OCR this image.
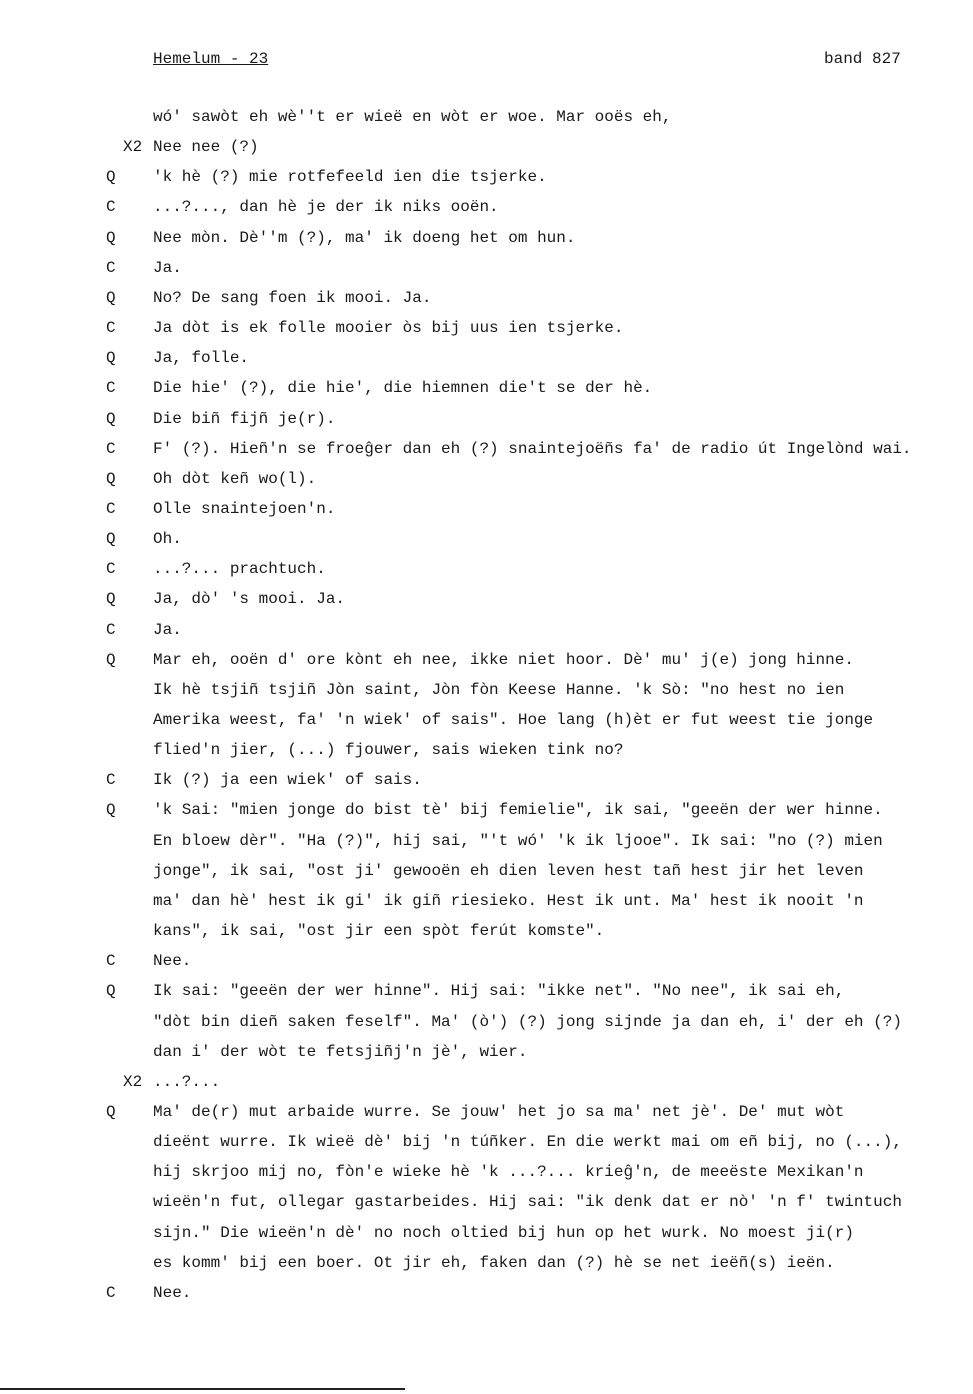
Hemelum - 23	band 827
wó' sawòt eh wè''t er wieë en wòt er woe. Mar ooës eh,
X2 Nee nee (?)
Q 'k hè (?) mie rotfefeeld ien die tsjerke.
C ...?..., dan hè je der ik niks ooën.
Q Nee mòn. Dè''m (?), ma' ik doeng het om hun.
C Ja.
Q No? De sang foen ik mooi. Ja.
C Ja dòt is ek folle mooier òs bij uus ien tsjerke.
Q Ja, folle.
C Die hie' (?), die hie', die hiemnen die't se der hè.
Q Die biñ fijñ je(r).
C F' (?). Hieñ'n se froeĝer dan eh (?) snaintejoëñs fa' de radio út Ingelònd wai.
Q Oh dòt keñ wo(l).
C Olle snaintejoen'n.
Q Oh.
C ...?... prachtuch.
Q Ja, dò' 's mooi. Ja.
C Ja.
Q Mar eh, ooën d' ore kònt eh nee, ikke niet hoor. Dè' mu' j(e) jong hinne.
Ik hè tsjiñ tsjiñ Jòn saint, Jòn fòn Keese Hanne. 'k Sò: "no hest no ien
Amerika weest, fa' 'n wiek' of sais". Hoe lang (h)èt er fut weest tie jonge
flied'n jier, (...) fjouwer, sais wieken tink no?
C Ik (?) ja een wiek' of sais.
Q 'k Sai: "mien jonge do bist tè' bij femielie", ik sai, "geeën der wer hinne.
En bloew dèr". "Ha (?)", hij sai, "'t wó' 'k ik ljooe". Ik sai: "no (?) mien
jonge", ik sai, "ost ji' gewooën eh dien leven hest tañ hest jir het leven
ma' dan hè' hest ik gi' ik giñ riesieko. Hest ik unt. Ma' hest ik nooit 'n
kans", ik sai, "ost jir een spòt ferút komste".
C Nee.
Q Ik sai: "geeën der wer hinne". Hij sai: "ikke net". "No nee", ik sai eh,
"dòt bin dieñ saken feself". Ma' (ò') (?) jong sijnde ja dan eh, i' der eh (?)
dan i' der wòt te fetsjiñj'n jè', wier.
X2 ...?...
Q Ma' de(r) mut arbaide wurre. Se jouw' het jo sa ma' net jè'. De' mut wòt
dieënt wurre. Ik wieë dè' bij 'n túñker. En die werkt mai om eñ bij, no (...),
hij skrjoo mij no, fòn'e wieke hè 'k ...?... krieĝ'n, de meeëste Mexikan'n
wieën'n fut, ollegar gastarbeides. Hij sai: "ik denk dat er nò' 'n f' twintuch
sijn." Die wieën'n dè' no noch oltied bij hun op het wurk. No moest ji(r)
es komm' bij een boer. Ot jir eh, faken dan (?) hè se net ieëñ(s) ieën.
C Nee.
